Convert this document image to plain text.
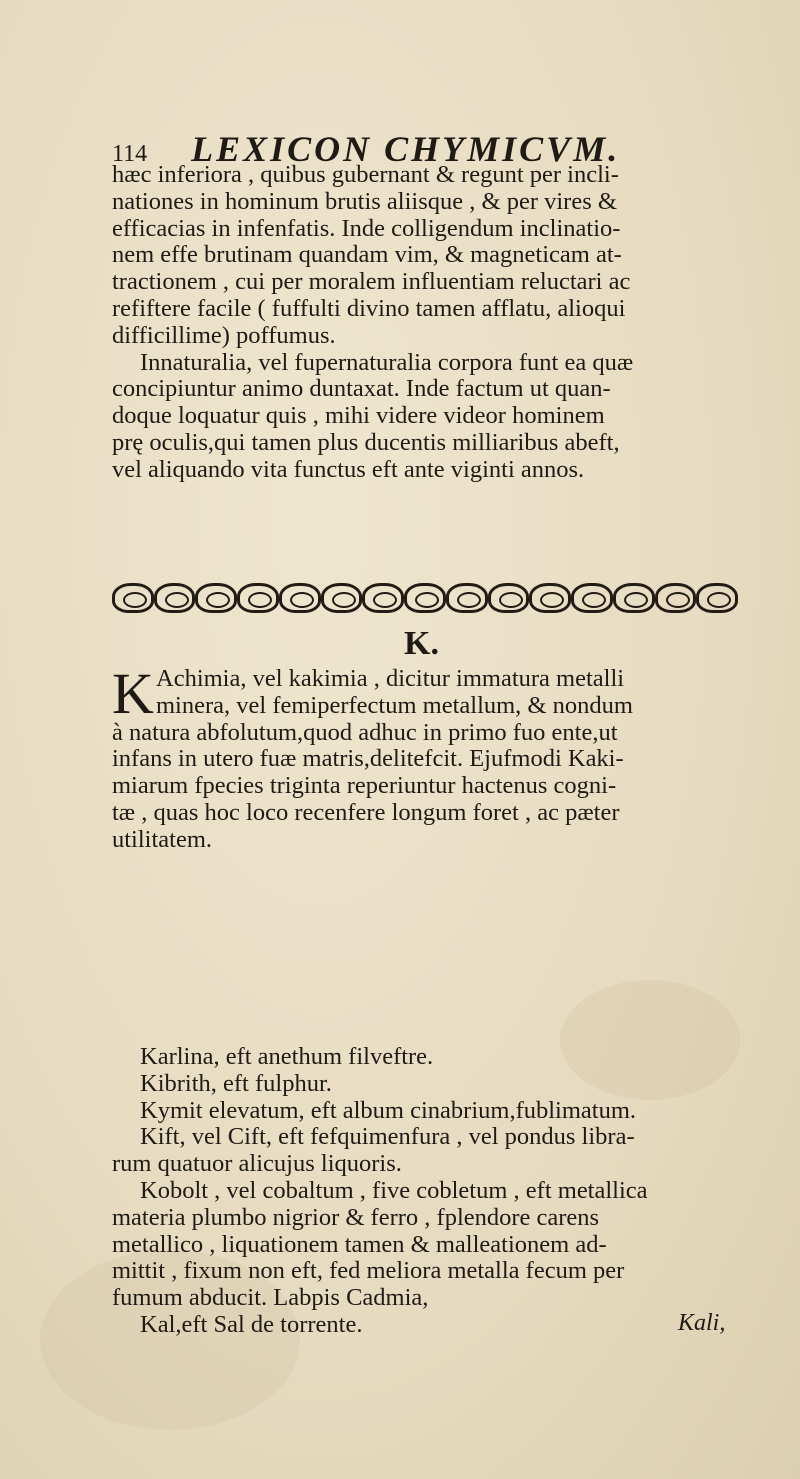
114 LEXICON CHYMICVM.
hæc inferiora , quibus gubernant & regunt per incli-
nationes in hominum brutis aliisque , & per vires &
efficacias in infenfatis. Inde colligendum inclinatio-
nem effe brutinam quandam vim, & magneticam at-
tractionem , cui per moralem influentiam reluctari ac
refiftere facile ( fuffulti divino tamen afflatu, alioqui
difficillime) poffumus.
Innaturalia, vel fupernaturalia corpora funt ea quæ
concipiuntur animo duntaxat. Inde factum ut quan-
doque loquatur quis , mihi videre videor hominem
prę oculis,qui tamen plus ducentis milliaribus abeft,
vel aliquando vita functus eft ante viginti annos.
K.
K Achimia, vel kakimia , dicitur immatura metalli
minera, vel femiperfectum metallum, & nondum
à natura abfolutum,quod adhuc in primo fuo ente,ut
infans in utero fuæ matris,delitefcit. Ejufmodi Kaki-
miarum fpecies triginta reperiuntur hactenus cogni-
tæ , quas hoc loco recenfere longum foret , ac pæter
utilitatem.
Karlina, eft anethum filveftre.
Kibrith, eft fulphur.
Kymit elevatum, eft album cinabrium,fublimatum.
Kift, vel Cift, eft fefquimenfura , vel pondus libra-
rum quatuor alicujus liquoris.
Kobolt , vel cobaltum , five cobletum , eft metallica
materia plumbo nigrior & ferro , fplendore carens
metallico , liquationem tamen & malleationem ad-
mittit , fixum non eft, fed meliora metalla fecum per
fumum abducit. Labpis Cadmia,
Kal,eft Sal de torrente.	Kali,
